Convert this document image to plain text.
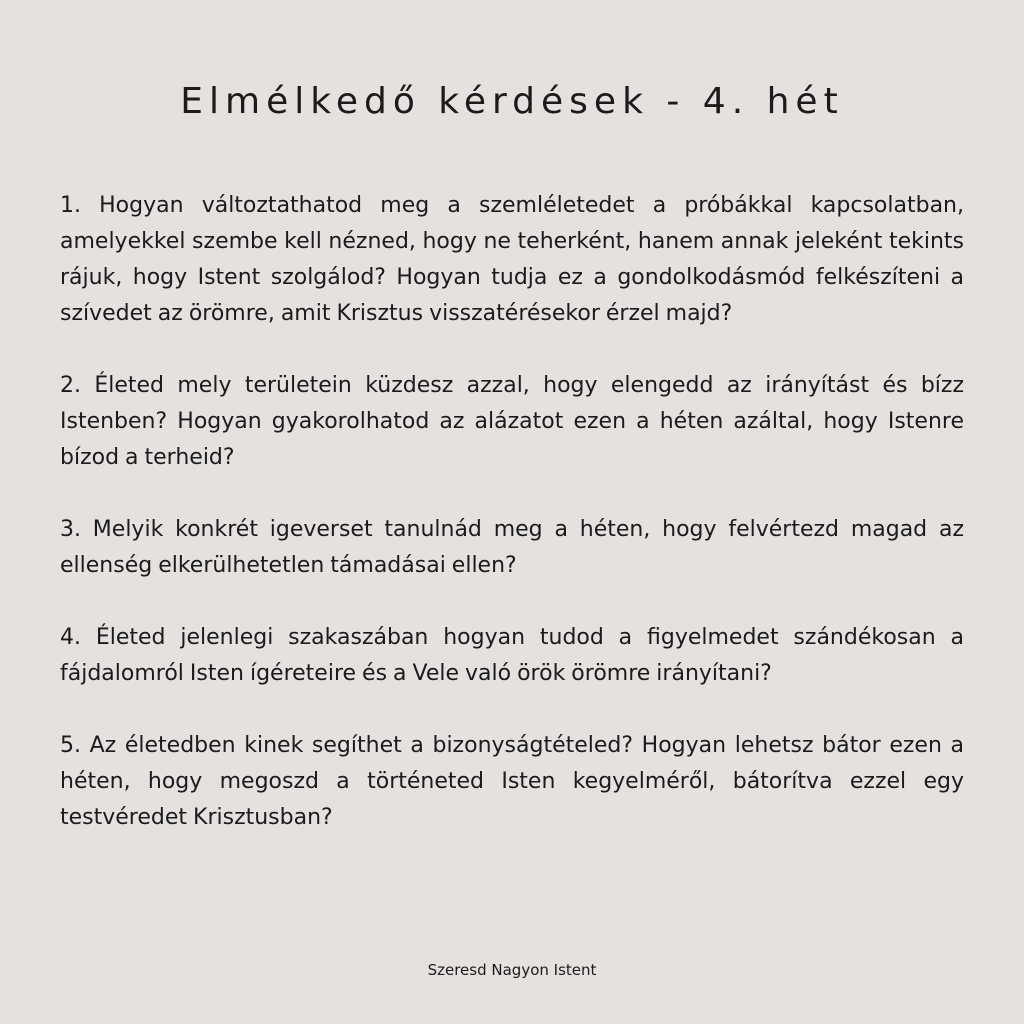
Elmélkedő kérdések - 4. hét

1. Hogyan változtathatod meg a szemléletedet a próbákkal kapcsolatban, amelyekkel szembe kell nézned, hogy ne teherként, hanem annak jeleként tekints rájuk, hogy Istent szolgálod? Hogyan tudja ez a gondolkodásmód felkészíteni a szívedet az örömre, amit Krisztus visszatérésekor érzel majd?

2. Életed mely területein küzdesz azzal, hogy elengedd az irányítást és bízz Istenben? Hogyan gyakorolhatod az alázatot ezen a héten azáltal, hogy Istenre bízod a terheid?

3. Melyik konkrét igeverset tanulnád meg a héten, hogy felvértezd magad az ellenség elkerülhetetlen támadásai ellen?

4. Életed jelenlegi szakaszában hogyan tudod a figyelmedet szándékosan a fájdalomról Isten ígéreteire és a Vele való örök örömre irányítani?

5. Az életedben kinek segíthet a bizonyságtételed? Hogyan lehetsz bátor ezen a héten, hogy megoszd a történeted Isten kegyelméről, bátorítva ezzel egy testvéredet Krisztusban?

Szeresd Nagyon Istent
